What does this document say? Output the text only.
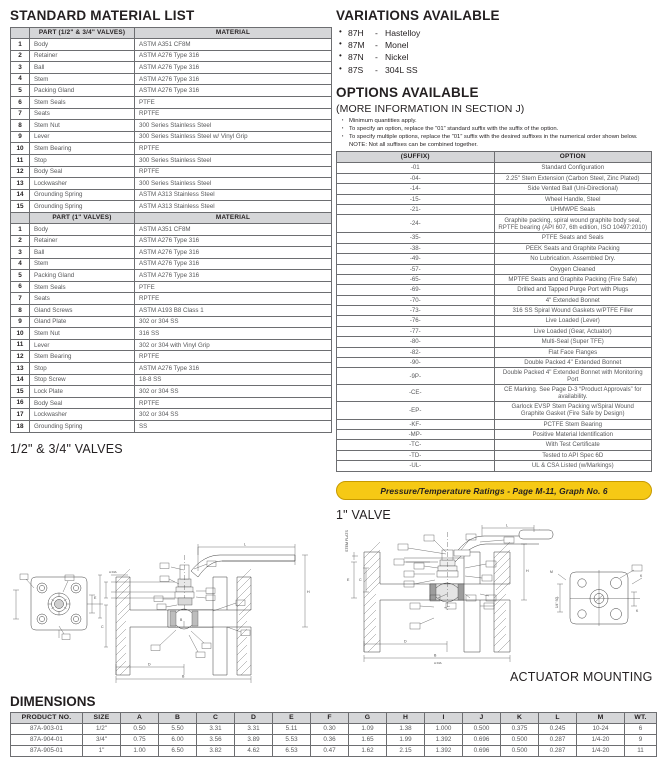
STANDARD MATERIAL LIST
	PART (1/2" & 3/4" VALVES)	MATERIAL
1	Body	ASTM A351 CF8M
2	Retainer	ASTM A276 Type 316
3	Ball	ASTM A276 Type 316
4	Stem	ASTM A276 Type 316
5	Packing Gland	ASTM A276 Type 316
6	Stem Seals	PTFE
7	Seats	RPTFE
8	Stem Nut	300 Series Stainless Steel
9	Lever	300 Series Stainless Steel w/ Vinyl Grip
10	Stem Bearing	RPTFE
11	Stop	300 Series Stainless Steel
12	Body Seal	RPTFE
13	Lockwasher	300 Series Stainless Steel
14	Grounding Spring	ASTM A313 Stainless Steel
15	Grounding Spring	ASTM A313 Stainless Steel
	PART (1" VALVES)	MATERIAL
1	Body	ASTM A351 CF8M
2	Retainer	ASTM A276 Type 316
3	Ball	ASTM A276 Type 316
4	Stem	ASTM A276 Type 316
5	Packing Gland	ASTM A276 Type 316
6	Stem Seals	PTFE
7	Seats	RPTFE
8	Gland Screws	ASTM A193 B8 Class 1
9	Gland Plate	302 or 304 SS
10	Stem Nut	316 SS
11	Lever	302 or 304 with Vinyl Grip
12	Stem Bearing	RPTFE
13	Stop	ASTM A276 Type 316
14	Stop Screw	18-8 SS
15	Lock Plate	302 or 304 SS
16	Body Seal	RPTFE
17	Lockwasher	302 or 304 SS
18	Grounding Spring	SS
1/2" & 3/4" VALVES
VARIATIONS AVAILABLE
• 87H - Hastelloy
• 87M - Monel
• 87N - Nickel
• 87S - 304L SS
OPTIONS AVAILABLE
(MORE INFORMATION IN SECTION J)
▪ Minimum quantities apply.
▪ To specify an option, replace the “01” standard suffix with the suffix of the option.
▪ To specify multiple options, replace the “01” suffix with the desired suffixes in the numerical order shown below. NOTE: Not all suffixes can be combined together.
(SUFFIX)	OPTION
-01	Standard Configuration
-04-	2.25" Stem Extension (Carbon Steel, Zinc Plated)
-14-	Side Vented Ball (Uni-Directional)
-15-	Wheel Handle, Steel
-21-	UHMWPE Seals
-24-	Graphite packing, spiral wound graphite body seal,
RPTFE bearing (API 607, 6th edition, ISO 10497:2010)

-35-	PTFE Seats and Seals
-38-	PEEK Seats and Graphite Packing
-49-	No Lubrication. Assembled Dry.
-57-	Oxygen Cleaned
-65-	MPTFE Seats and Graphite Packing (Fire Safe)
-69-	Drilled and Tapped Purge Port with Plugs
-70-	4" Extended Bonnet
-73-	316 SS Spiral Wound Gaskets w/PTFE Filler
-76-	Live Loaded (Lever)
-77-	Live Loaded (Gear, Actuator)
-80-	Multi-Seal (Super TFE)
-82-	Flat Face Flanges
-90-	Double Packed 4" Extended Bonnet
-9P-	Double Packed 4" Extended Bonnet with Monitoring Port
-CE-	CE Marking. See Page D-3 “Product Approvals” for availability.
-EP-	Garlock EVSP Stem Packing w/Spiral Wound
Graphite Gasket (Fire Safe by Design)

-KF-	PCTFE Stem Bearing
-MP-	Positive Material Identification
-TC-	With Test Certificate
-TD-	Tested to API Spec 6D
-UL-	UL & CSA Listed (w/Markings)
Pressure/Temperature Ratings - Page M-11, Graph No. 6
1" VALVE
B
L
H
C
E
D
B
A DIA
STEM FLATS
L
H
E	C
D
B
A DIA
M
K
1/4" SQ.
K
ACTUATOR MOUNTING
DIMENSIONS
PRODUCT NO.	SIZE	A	B	C	D	E	F	G	H	I	J	K	L	M	WT.
87A-903-01	1/2"	0.50	5.50	3.31	3.31	5.11	0.30	1.09	1.38	1.000	0.500	0.375	0.245	10-24	6
87A-904-01	3/4"	0.75	6.00	3.56	3.89	5.53	0.36	1.65	1.99	1.392	0.696	0.500	0.287	1/4-20	9
87A-905-01	1"	1.00	6.50	3.82	4.62	6.53	0.47	1.62	2.15	1.392	0.696	0.500	0.287	1/4-20	11
